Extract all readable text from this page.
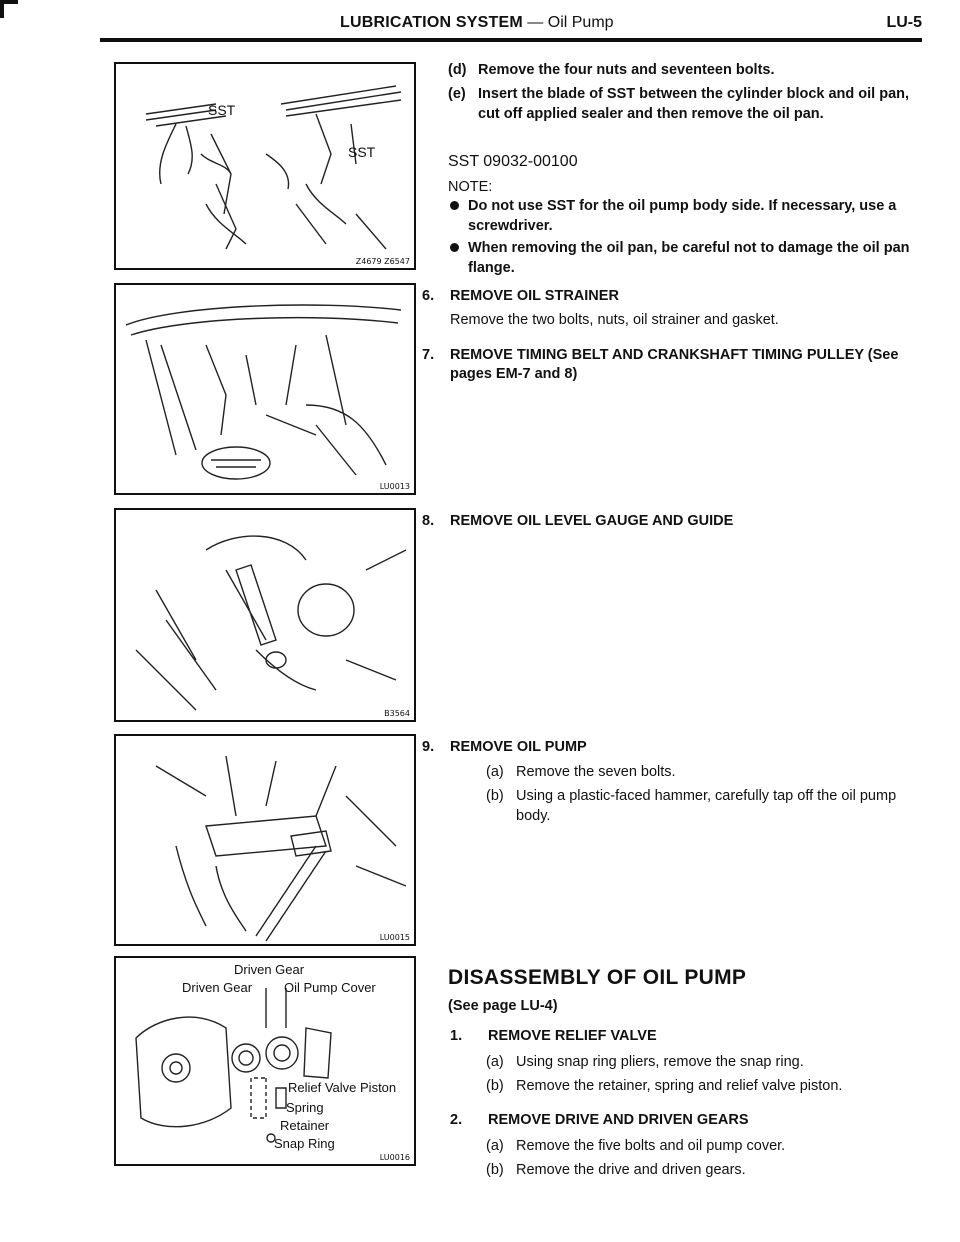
LUBRICATION SYSTEM — Oil Pump	LU-5
SST
SST
Z4679 Z6547
LU0013
B3564
LU0015
Driven Gear
Driven Gear Oil Pump Cover
Relief Valve Piston
Spring
Retainer
Snap Ring
LU0016
(d) Remove the four nuts and seventeen bolts.
(e) Insert the blade of SST between the cylinder block and oil pan, cut off applied sealer and then remove the oil pan.
SST 09032-00100
NOTE:
Do not use SST for the oil pump body side. If necessary, use a screwdriver.
When removing the oil pan, be careful not to damage the oil pan flange.
6. REMOVE OIL STRAINER
Remove the two bolts, nuts, oil strainer and gasket.
7. REMOVE TIMING BELT AND CRANKSHAFT TIMING PULLEY (See pages EM-7 and 8)
8. REMOVE OIL LEVEL GAUGE AND GUIDE
9. REMOVE OIL PUMP
(a) Remove the seven bolts.
(b) Using a plastic-faced hammer, carefully tap off the oil pump body.
DISASSEMBLY OF OIL PUMP
(See page LU-4)
1. REMOVE RELIEF VALVE
(a) Using snap ring pliers, remove the snap ring.
(b) Remove the retainer, spring and relief valve piston.
2. REMOVE DRIVE AND DRIVEN GEARS
(a) Remove the five bolts and oil pump cover.
(b) Remove the drive and driven gears.
